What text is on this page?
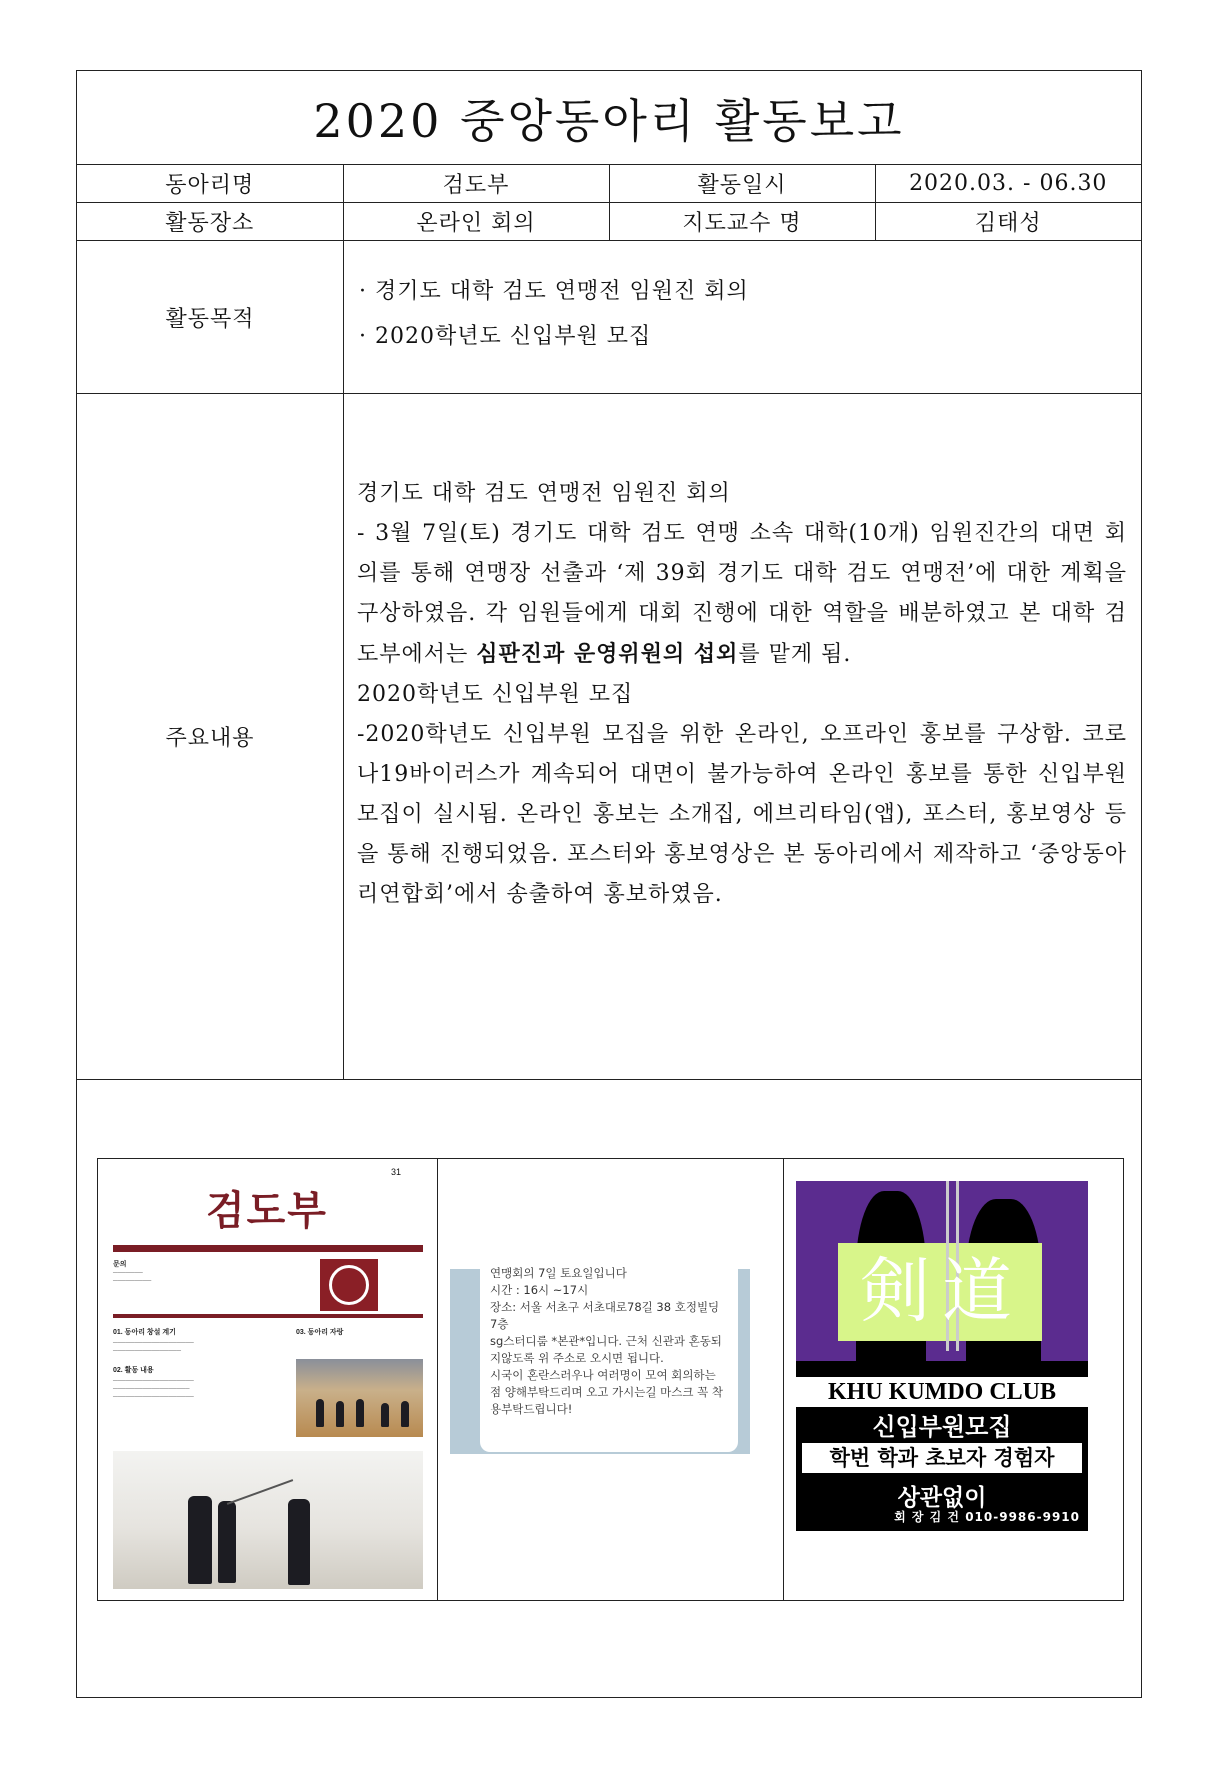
2020 중앙동아리 활동보고
동아리명	검도부	활동일시	2020.03. - 06.30
활동장소	온라인 회의	지도교수 명	김태성
활동목적
· 경기도 대학 검도 연맹전 임원진 회의
· 2020학년도 신입부원 모집
주요내용

경기도 대학 검도 연맹전 임원진 회의

- 3월 7일(토) 경기도 대학 검도 연맹 소속 대학(10개) 임원진간의 대면 회의를 통해 연맹장 선출과 ‘제 39회 경기도 대학 검도 연맹전’에 대한 계획을 구상하였음. 각 임원들에게 대회 진행에 대한 역할을 배분하였고 본 대학 검도부에서는 심판진과 운영위원의 섭외를 맡게 됨.

2020학년도 신입부원 모집

-2020학년도 신입부원 모집을 위한 온라인, 오프라인 홍보를 구상함. 코로나19바이러스가 계속되어 대면이 불가능하여 온라인 홍보를 통한 신입부원 모집이 실시됨. 온라인 홍보는 소개집, 에브리타임(앱), 포스터, 홍보영상 등을 통해 진행되었음. 포스터와 홍보영상은 본 동아리에서 제작하고 ‘중앙동아리연합회’에서 송출하여 홍보하였음.

31
검도부
문의
───────
─────────
01. 동아리 창설 계기	03. 동아리 자랑
───────────────────
────────────────
02. 활동 내용
───────────────────
──────────────────
───────────────────
연맹회의 7일 토요일입니다
시간 : 16시 ~17시
장소: 서울 서초구 서초대로78길 38 호정빌딩
7층
sg스터디룸 *본관*입니다. 근처 신관과 혼동되
지않도록 위 주소로 오시면 됩니다.
시국이 혼란스러우나 여러명이 모여 회의하는
점 양해부탁드리며 오고 가시는길 마스크 꼭 착
용부탁드립니다!
剣道
KHU KUMDO CLUB
신입부원모집
학번 학과 초보자 경험자
상관없이
회 장 김 건 010-9986-9910
